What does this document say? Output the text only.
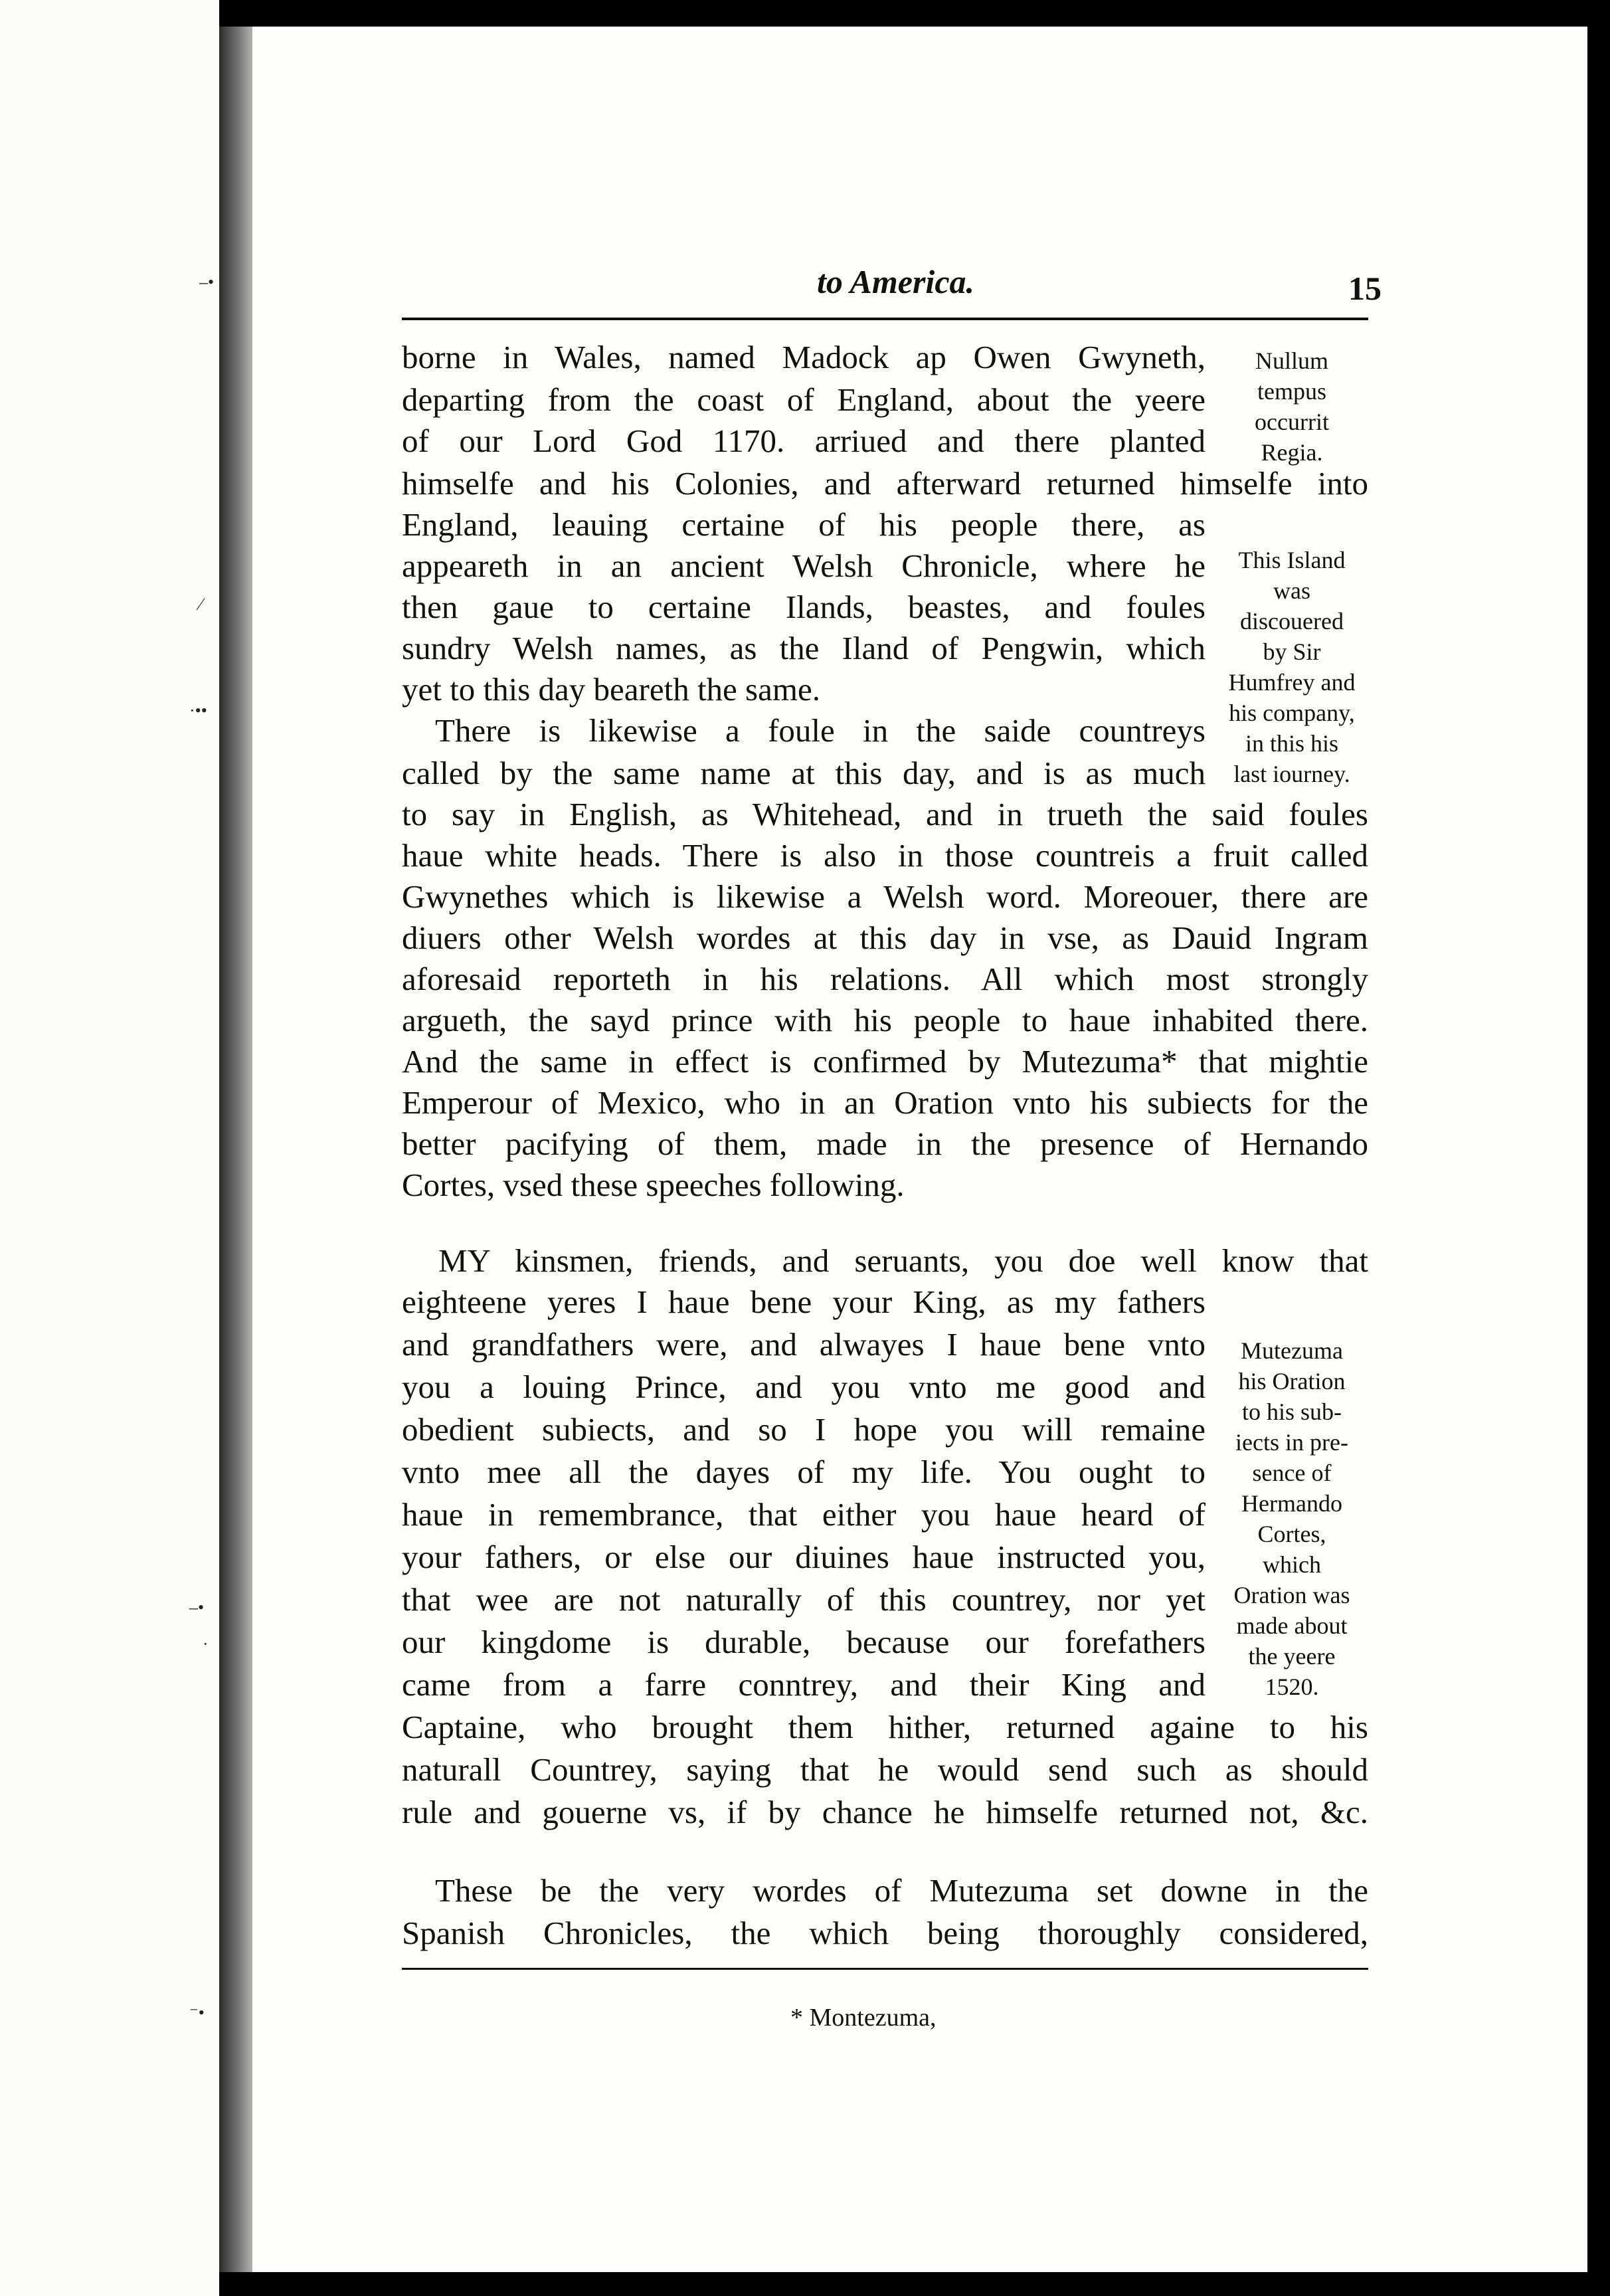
–•
⁄
·••
–•
·
⁻•
to America.	15
borne in Wales, named Madock ap Owen Gwyneth,
departing from the coast of England, about the yeere
of our Lord God 1170. arriued and there planted
himselfe and his Colonies, and afterward returned himselfe into
England, leauing certaine of his people there, as
appeareth in an ancient Welsh Chronicle, where he
then gaue to certaine Ilands, beastes, and foules
sundry Welsh names, as the Iland of Pengwin, which
yet to this day beareth the same.
There is likewise a foule in the saide countreys
called by the same name at this day, and is as much
to say in English, as Whitehead, and in trueth the said foules
haue white heads. There is also in those countreis a fruit called
Gwynethes which is likewise a Welsh word. Moreouer, there are
diuers other Welsh wordes at this day in vse, as Dauid Ingram
aforesaid reporteth in his relations. All which most strongly
argueth, the sayd prince with his people to haue inhabited there.
And the same in effect is confirmed by Mutezuma* that mightie
Emperour of Mexico, who in an Oration vnto his subiects for the
better pacifying of them, made in the presence of Hernando
Cortes, vsed these speeches following.
MY kinsmen, friends, and seruants, you doe well know that
eighteene yeres I haue bene your King, as my fathers
and grandfathers were, and alwayes I haue bene vnto
you a louing Prince, and you vnto me good and
obedient subiects, and so I hope you will remaine
vnto mee all the dayes of my life. You ought to
haue in remembrance, that either you haue heard of
your fathers, or else our diuines haue instructed you,
that wee are not naturally of this countrey, nor yet
our kingdome is durable, because our forefathers
came from a farre conntrey, and their King and
Captaine, who brought them hither, returned againe to his
naturall Countrey, saying that he would send such as should
rule and gouerne vs, if by chance he himselfe returned not, &c.
These be the very wordes of Mutezuma set downe in the
Spanish Chronicles, the which being thoroughly considered,
* Montezuma,
Nullum
tempus
occurrit
Regia.
This Island
was
discouered
by Sir
Humfrey and
his company,
in this his
last iourney.
Mutezuma
his Oration
to his sub-
iects in pre-
sence of
Hermando
Cortes,
which
Oration was
made about
the yeere
1520.
